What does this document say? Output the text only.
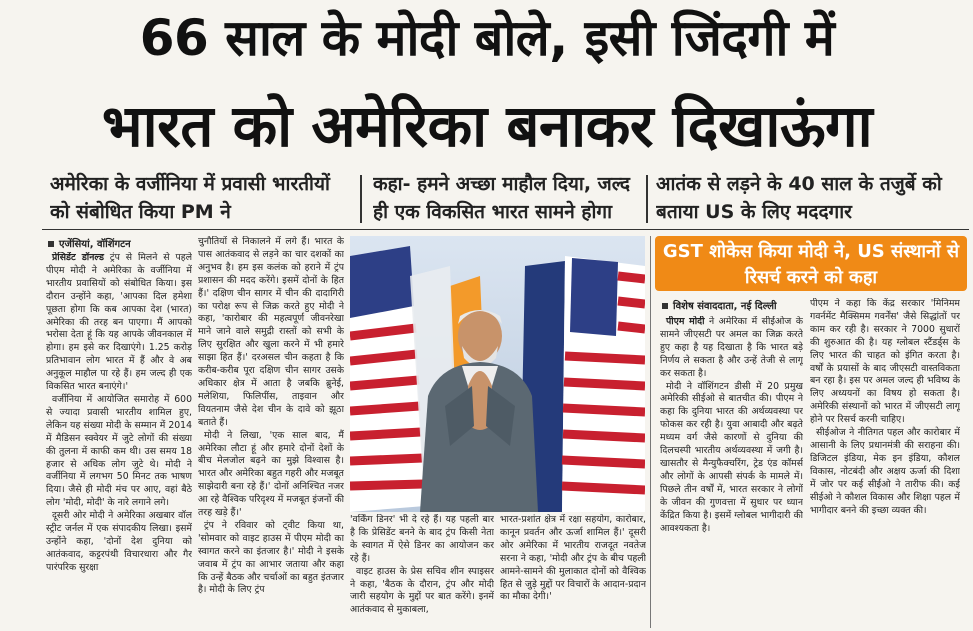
66 साल के मोदी बोले, इसी जिंदगी में
भारत को अमेरिका बनाकर दिखाऊंगा
अमेरिका के वर्जीनिया में प्रवासी भारतीयों को संबोधित किया PM ने
कहा- हमने अच्छा माहौल दिया, जल्द ही एक विकसित भारत सामने होगा
आतंक से लड़ने के 40 साल के तजुर्बे को बताया US के लिए मददगार
एजेंसियां, वॉशिंगटन

प्रेसिडेंट डॉनल्ड ट्रंप से मिलने से पहले पीएम मोदी ने अमेरिका के वर्जीनिया में भारतीय प्रवासियों को संबोधित किया। इस दौरान उन्होंने कहा, 'आपका दिल हमेशा पूछता होगा कि कब आपका देश (भारत) अमेरिका की तरह बन पाएगा। मैं आपको भरोसा देता हूं कि यह आपके जीवनकाल में होगा। हम इसे कर दिखाएंगे। 1.25 करोड़ प्रतिभावान लोग भारत में हैं और वे अब अनुकूल माहौल पा रहे हैं। हम जल्द ही एक विकसित भारत बनाएंगे।'

वर्जीनिया में आयोजित समारोह में 600 से ज्यादा प्रवासी भारतीय शामिल हुए, लेकिन यह संख्या मोदी के सम्मान में 2014 में मैडिसन स्क्वेयर में जुटे लोगों की संख्या की तुलना में काफी कम थी। उस समय 18 हजार से अधिक लोग जुटे थे। मोदी ने वर्जीनिया में लगभग 50 मिनट तक भाषण दिया। जैसे ही मोदी मंच पर आए, वहां बैठे लोग 'मोदी, मोदी' के नारे लगाने लगे।

दूसरी ओर मोदी ने अमेरिका अखबार वॉल स्ट्रीट जर्नल में एक संपादकीय लिखा। इसमें उन्होंने कहा, 'दोनों देश दुनिया को आतंकवाद, कट्टरपंथी विचारधारा और गैर पारंपरिक सुरक्षा

चुनौतियों से निकालने में लगे हैं। भारत के पास आतंकवाद से लड़ने का चार दशकों का अनुभव है। हम इस कलंक को हराने में ट्रंप प्रशासन की मदद करेंगे। इसमें दोनों के हित हैं।' दक्षिण चीन सागर में चीन की दादागिरी का परोक्ष रूप से जिक्र करते हुए मोदी ने कहा, 'कारोबार की महत्वपूर्ण जीवनरेखा माने जाने वाले समुद्री रास्तों को सभी के लिए सुरक्षित और खुला करने में भी हमारे साझा हित हैं।' दरअसल चीन कहता है कि करीब-करीब पूरा दक्षिण चीन सागर उसके अधिकार क्षेत्र में आता है जबकि ब्रुनेई, मलेशिया, फिलिपींस, ताइवान और वियतनाम जैसे देश चीन के दावे को झूठा बताते हैं।

मोदी ने लिखा, 'एक साल बाद, मैं अमेरिका लौटा हूं और हमारे दोनों देशों के बीच मेलजोल बढ़ने का मुझे विश्वास है। भारत और अमेरिका बहुत गहरी और मजबूत साझेदारी बना रहे हैं।' दोनों अनिश्चित नजर आ रहे वैश्विक परिदृश्य में मजबूत इंजनों की तरह खड़े हैं।'

ट्रंप ने रविवार को ट्वीट किया था, 'सोमवार को वाइट हाउस में पीएम मोदी का स्वागत करने का इंतजार है।' मोदी ने इसके जवाब में ट्रंप का आभार जताया और कहा कि उन्हें बैठक और चर्चाओं का बहुत इंतजार है। मोदी के लिए ट्रंप

'वर्किंग डिनर' भी दे रहे हैं। यह पहली बार है कि प्रेसिडेंट बनने के बाद ट्रंप किसी नेता के स्वागत में ऐसे डिनर का आयोजन कर रहे हैं।

वाइट हाउस के प्रेस सचिव शीन स्पाइसर ने कहा, 'बैठक के दौरान, ट्रंप और मोदी जारी सहयोग के मुद्दों पर बात करेंगे। इनमें आतंकवाद से मुकाबला,

भारत-प्रशांत क्षेत्र में रक्षा सहयोग, कारोबार, कानून प्रवर्तन और ऊर्जा शामिल हैं।' दूसरी ओर अमेरिका में भारतीय राजदूत नवतेज सरना ने कहा, 'मोदी और ट्रंप के बीच पहली आमने-सामने की मुलाकात दोनों को वैश्विक हित से जुड़े मुद्दों पर विचारों के आदान-प्रदान का मौका देगी।'

GST शोकेस किया मोदी ने, US संस्थानों से रिसर्च करने को कहा
विशेष संवाददाता, नई दिल्ली

पीएम मोदी ने अमेरिका में सीईओज के सामने जीएसटी पर अमल का जिक्र करते हुए कहा है यह दिखाता है कि भारत बड़े निर्णय ले सकता है और उन्हें तेजी से लागू कर सकता है।

मोदी ने वॉशिंगटन डीसी में 20 प्रमुख अमेरिकी सीईओ से बातचीत की। पीएम ने कहा कि दुनिया भारत की अर्थव्यवस्था पर फोकस कर रही है। युवा आबादी और बढ़ते मध्यम वर्ग जैसे कारणों से दुनिया की दिलचस्पी भारतीय अर्थव्यवस्था में जगी है। खासतौर से मैन्युफैक्चरिंग, ट्रेड एंड कॉमर्स और लोगों के आपसी संपर्क के मामले में। पिछले तीन वर्षों में, भारत सरकार ने लोगों के जीवन की गुणवत्ता में सुधार पर ध्यान केंद्रित किया है। इसमें ग्लोबल भागीदारी की आवश्यकता है।

पीएम ने कहा कि केंद्र सरकार 'मिनिमम गवर्नमेंट मैक्सिमम गवर्नेंस' जैसे सिद्धांतों पर काम कर रही है। सरकार ने 7000 सुधारों की शुरुआत की है। यह ग्लोबल स्टैंडर्ड्स के लिए भारत की चाहत को इंगित करता है। वर्षों के प्रयासों के बाद जीएसटी वास्तविकता बन रहा है। इस पर अमल जल्द ही भविष्य के लिए अध्ययनों का विषय हो सकता है। अमेरिकी संस्थानों को भारत में जीएसटी लागू होने पर रिसर्च करनी चाहिए।

सीईओज ने नीतिगत पहल और कारोबार में आसानी के लिए प्रधानमंत्री की सराहना की। डिजिटल इंडिया, मेक इन इंडिया, कौशल विकास, नोटबंदी और अक्षय ऊर्जा की दिशा में जोर पर कई सीईओ ने तारीफ की। कई सीईओ ने कौशल विकास और शिक्षा पहल में भागीदार बनने की इच्छा व्यक्त की।
